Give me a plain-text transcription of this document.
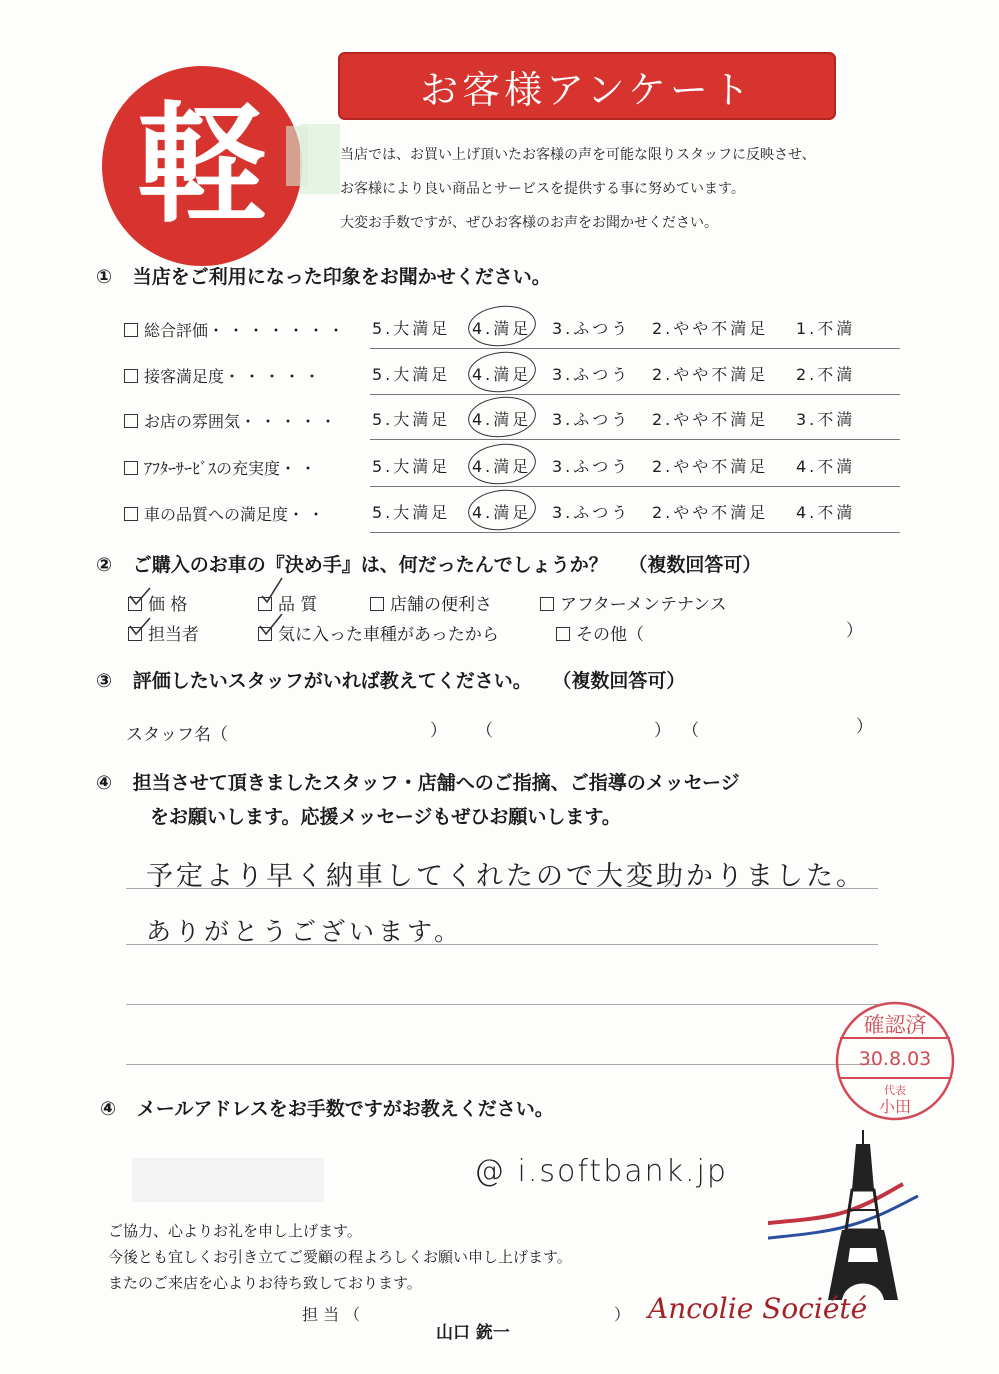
軽	お客様アンケート
当店では、お買い上げ頂いたお客様の声を可能な限りスタッフに反映させ、
お客様により良い商品とサービスを提供する事に努めています。
大変お手数ですが、ぜひお客様のお声をお聞かせください。
① 当店をご利用になった印象をお聞かせください。
総合評価・・・・・・・ 5.大満足 4.満足 3.ふつう 2.やや不満足 1.不満
接客満足度・・・・・	5.大満足 4.満足 3.ふつう 2.やや不満足 2.不満
お店の雰囲気・・・・・ 5.大満足 4.満足 3.ふつう 2.やや不満足 3.不満
ｱﾌﾀｰｻｰﾋﾞｽの充実度・・	5.大満足 4.満足 3.ふつう 2.やや不満足 4.不満
車の品質への満足度・・	5.大満足 4.満足 3.ふつう 2.やや不満足 4.不満
② ご購入のお車の『決め手』は、何だったんでしょうか？ （複数回答可）
価 格	品 質	店舗の便利さ	アフターメンテナンス
担当者	気に入った車種があったから	その他（	）
③ 評価したいスタッフがいれば教えてください。 （複数回答可）
スタッフ名（	） （	） （	）
④ 担当させて頂きましたスタッフ・店舗へのご指摘、ご指導のメッセージ
をお願いします。応援メッセージもぜひお願いします。
予定より早く納車してくれたので大変助かりました。
ありがとうございます。
確認済
30.8.03
代表
小田
④ メールアドレスをお手数ですがお教えください。
@ i.softbank.jp
ご協力、心よりお礼を申し上げます。
今後とも宜しくお引き立てご愛顧の程よろしくお願い申し上げます。
またのご来店を心よりお待ち致しております。
担 当 （
山口 銃一
） Ancolie Société
